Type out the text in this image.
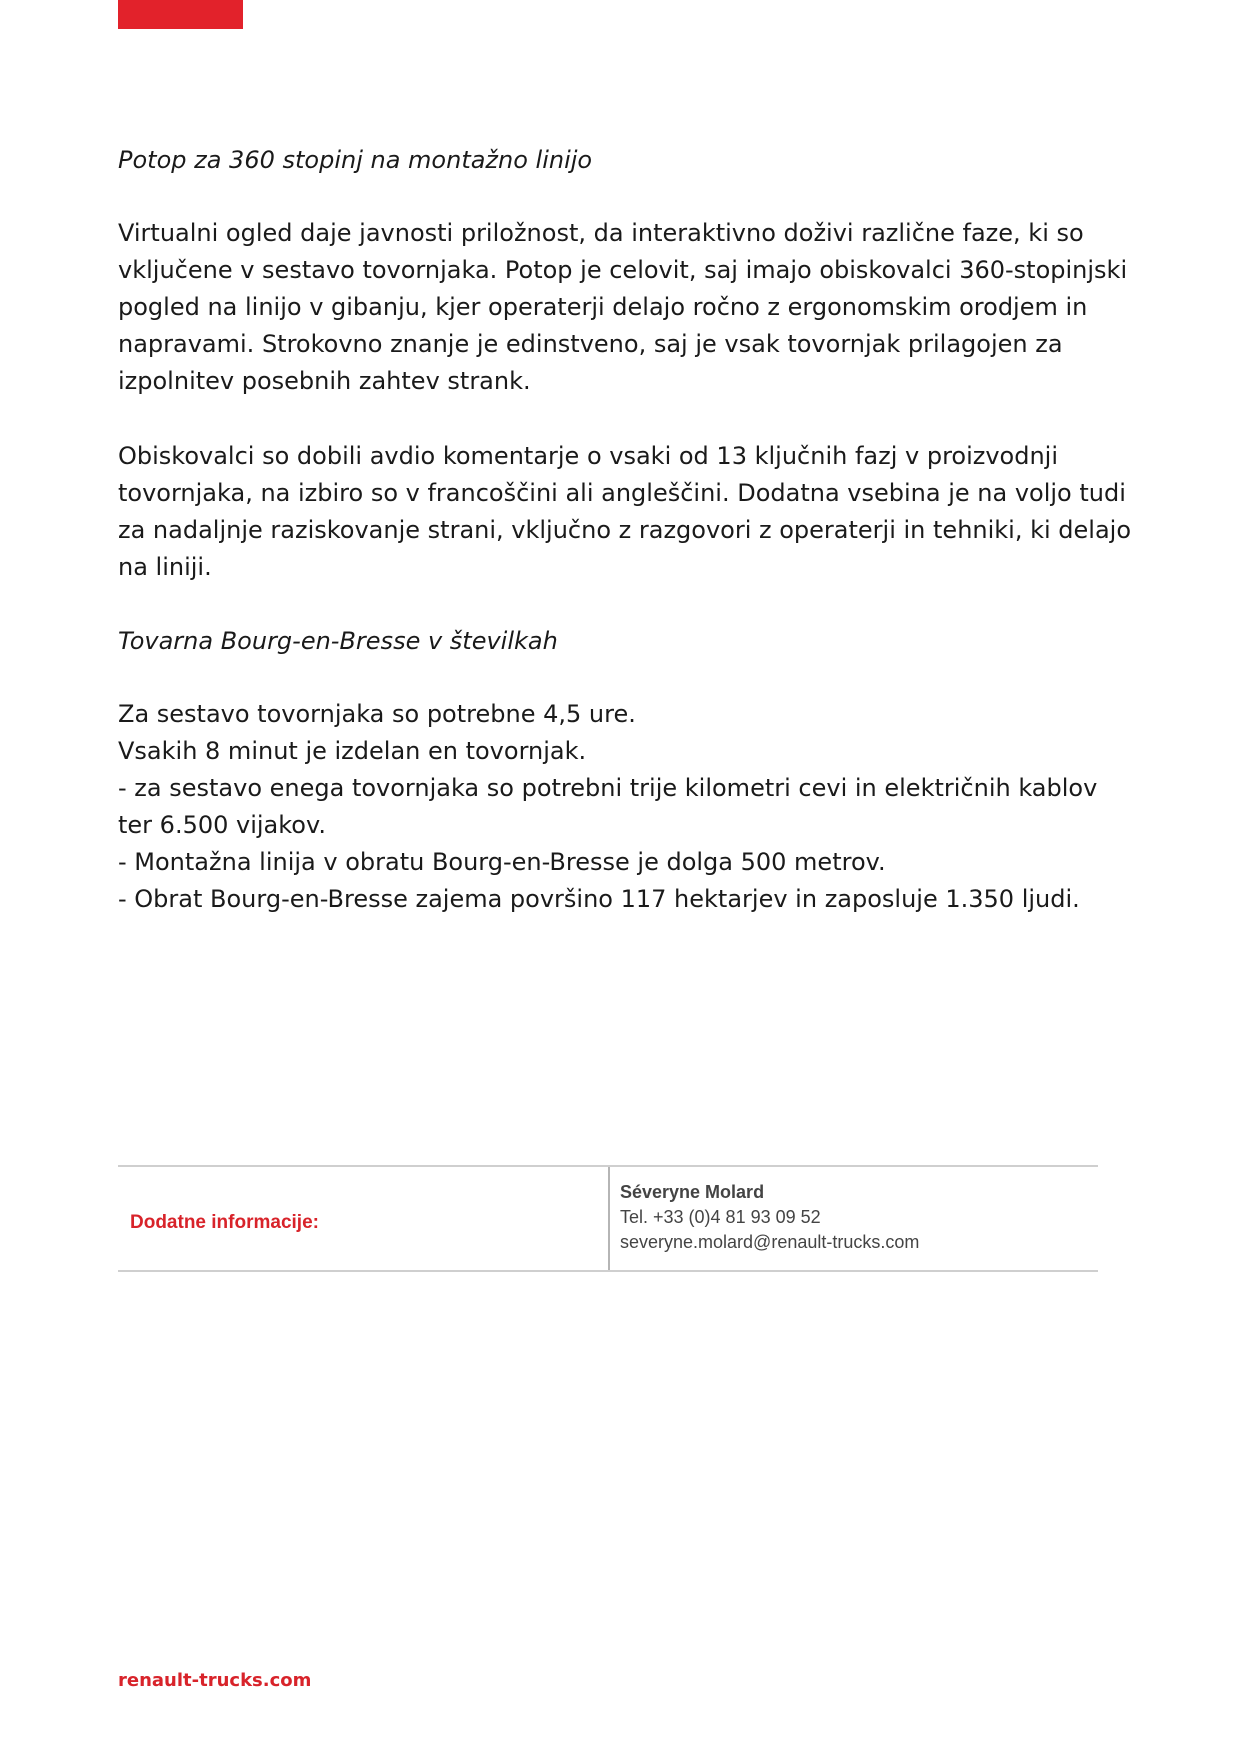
Potop za 360 stopinj na montažno linijo

Virtualni ogled daje javnosti priložnost, da interaktivno doživi različne faze, ki so
vključene v sestavo tovornjaka. Potop je celovit, saj imajo obiskovalci 360-stopinjski
pogled na linijo v gibanju, kjer operaterji delajo ročno z ergonomskim orodjem in
napravami. Strokovno znanje je edinstveno, saj je vsak tovornjak prilagojen za
izpolnitev posebnih zahtev strank.

Obiskovalci so dobili avdio komentarje o vsaki od 13 ključnih fazj v proizvodnji
tovornjaka, na izbiro so v francoščini ali angleščini. Dodatna vsebina je na voljo tudi
za nadaljnje raziskovanje strani, vključno z razgovori z operaterji in tehniki, ki delajo
na liniji.

Tovarna Bourg-en-Bresse v številkah

Za sestavo tovornjaka so potrebne 4,5 ure.
Vsakih 8 minut je izdelan en tovornjak.
- za sestavo enega tovornjaka so potrebni trije kilometri cevi in električnih kablov
ter 6.500 vijakov.
- Montažna linija v obratu Bourg-en-Bresse je dolga 500 metrov.
- Obrat Bourg-en-Bresse zajema površino 117 hektarjev in zaposluje 1.350 ljudi.

Dodatne informacije:
Séveryne Molard
Tel. +33 (0)4 81 93 09 52
severyne.molard@renault-trucks.com
renault-trucks.com
